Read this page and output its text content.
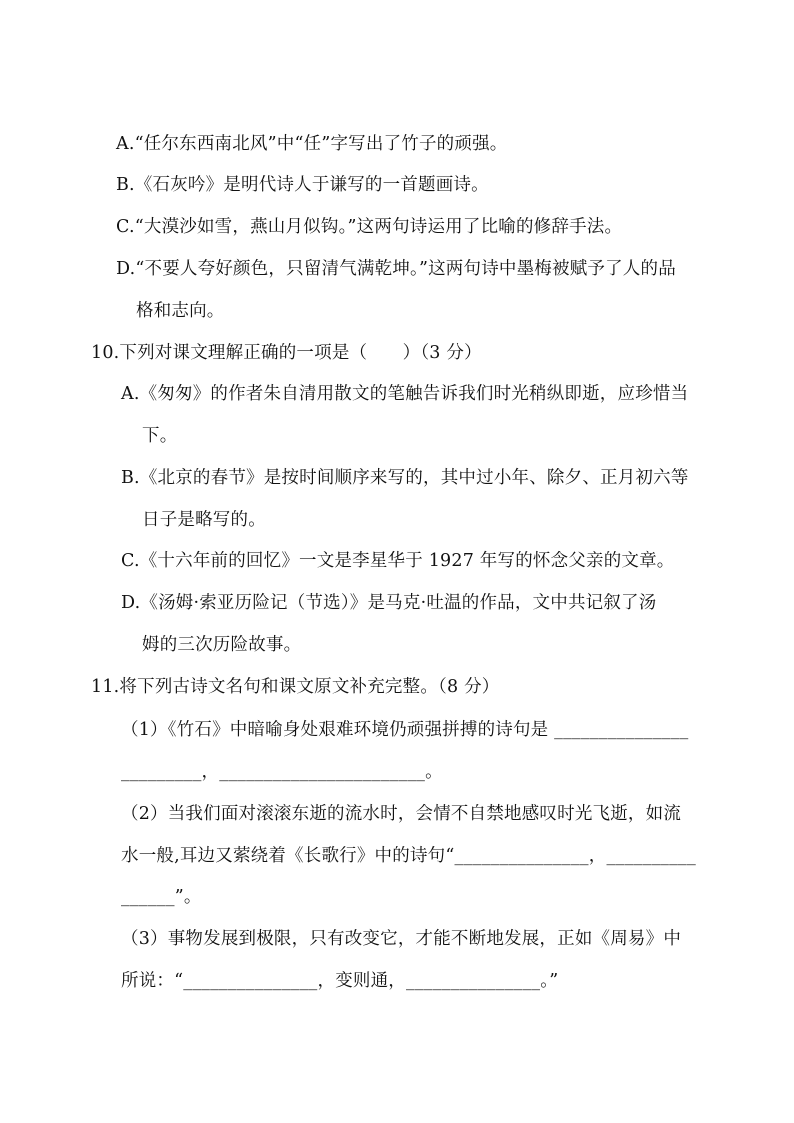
A.“任尔东西南北风”中“任”字写出了竹子的顽强。
B.《石灰吟》是明代诗人于谦写的一首题画诗。
C.“大漠沙如雪，燕山月似钩。”这两句诗运用了比喻的修辞手法。
D.“不要人夸好颜色，只留清气满乾坤。”这两句诗中墨梅被赋予了人的品
格和志向。
10.下列对课文理解正确的一项是（　　）（3 分）
A.《匆匆》的作者朱自清用散文的笔触告诉我们时光稍纵即逝，应珍惜当
下。
B.《北京的春节》是按时间顺序来写的，其中过小年、除夕、正月初六等
日子是略写的。
C.《十六年前的回忆》一文是李星华于 1927 年写的怀念父亲的文章。
D.《汤姆·索亚历险记（节选）》是马克·吐温的作品，文中共记叙了汤
姆的三次历险故事。
11.将下列古诗文名句和课文原文补充完整。（8 分）
（1）《竹石》中暗喻身处艰难环境仍顽强拼搏的诗句是 _______________
_________，_______________________。
（2）当我们面对滚滚东逝的流水时，会情不自禁地感叹时光飞逝，如流
水一般,耳边又萦绕着《长歌行》中的诗句“_______________，__________
______”。
（3）事物发展到极限，只有改变它，才能不断地发展，正如《周易》中
所说：“_______________，变则通，_______________。”
